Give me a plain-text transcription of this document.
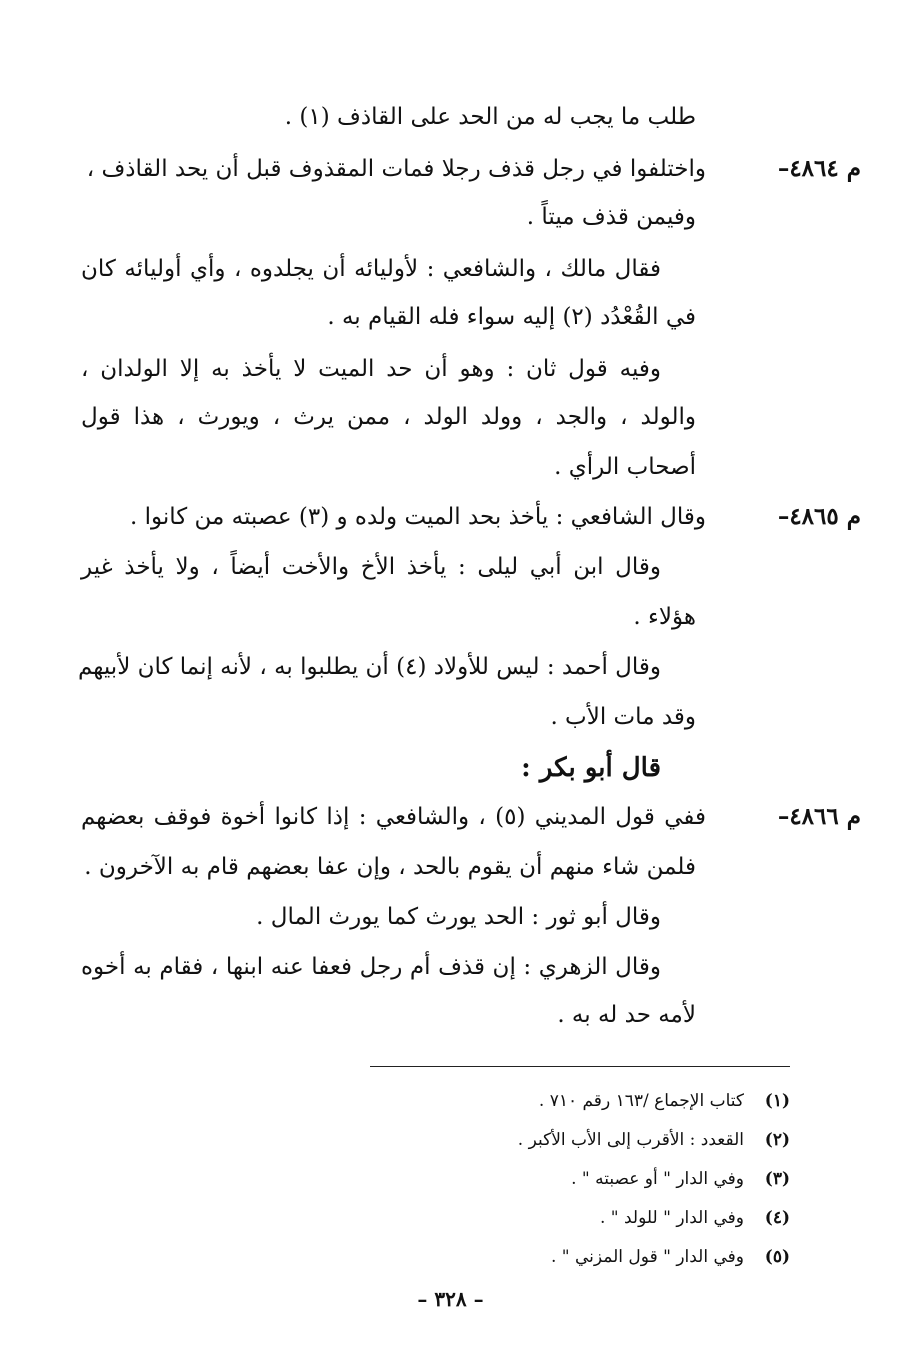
طلب ما يجب له من الحد على القاذف (١) .
م ٤٨٦٤–
واختلفوا في رجل قذف رجلا فمات المقذوف قبل أن يحد القاذف ،
وفيمن قذف ميتاً .
فقال مالك ، والشافعي : لأوليائه أن يجلدوه ، وأي أوليائه كان
في القُعْدُد (٢) إليه سواء فله القيام به .
وفيه قول ثان : وهو أن حد الميت لا يأخذ به إلا الولدان ،
والولد ، والجد ، وولد الولد ، ممن يرث ، ويورث ، هذا قول
أصحاب الرأي .
م ٤٨٦٥–
وقال الشافعي : يأخذ بحد الميت ولده و (٣) عصبته من كانوا .
وقال ابن أبي ليلى : يأخذ الأخ والأخت أيضاً ، ولا يأخذ غير
هؤلاء .
وقال أحمد : ليس للأولاد (٤) أن يطلبوا به ، لأنه إنما كان لأبيهم
وقد مات الأب .
قال أبو بكر :
م ٤٨٦٦–
ففي قول المديني (٥) ، والشافعي : إذا كانوا أخوة فوقف بعضهم
فلمن شاء منهم أن يقوم بالحد ، وإن عفا بعضهم قام به الآخرون .
وقال أبو ثور : الحد يورث كما يورث المال .
وقال الزهري : إن قذف أم رجل فعفا عنه ابنها ، فقام به أخوه
لأمه حد له به .
(١)كتاب الإجماع /١٦٣ رقم ٧١٠ .
(٢)القعدد : الأقرب إلى الأب الأكبر .
(٣)وفي الدار " أو عصبته " .
(٤)وفي الدار " للولد " .
(٥)وفي الدار " قول المزني " .
– ٣٢٨ –
